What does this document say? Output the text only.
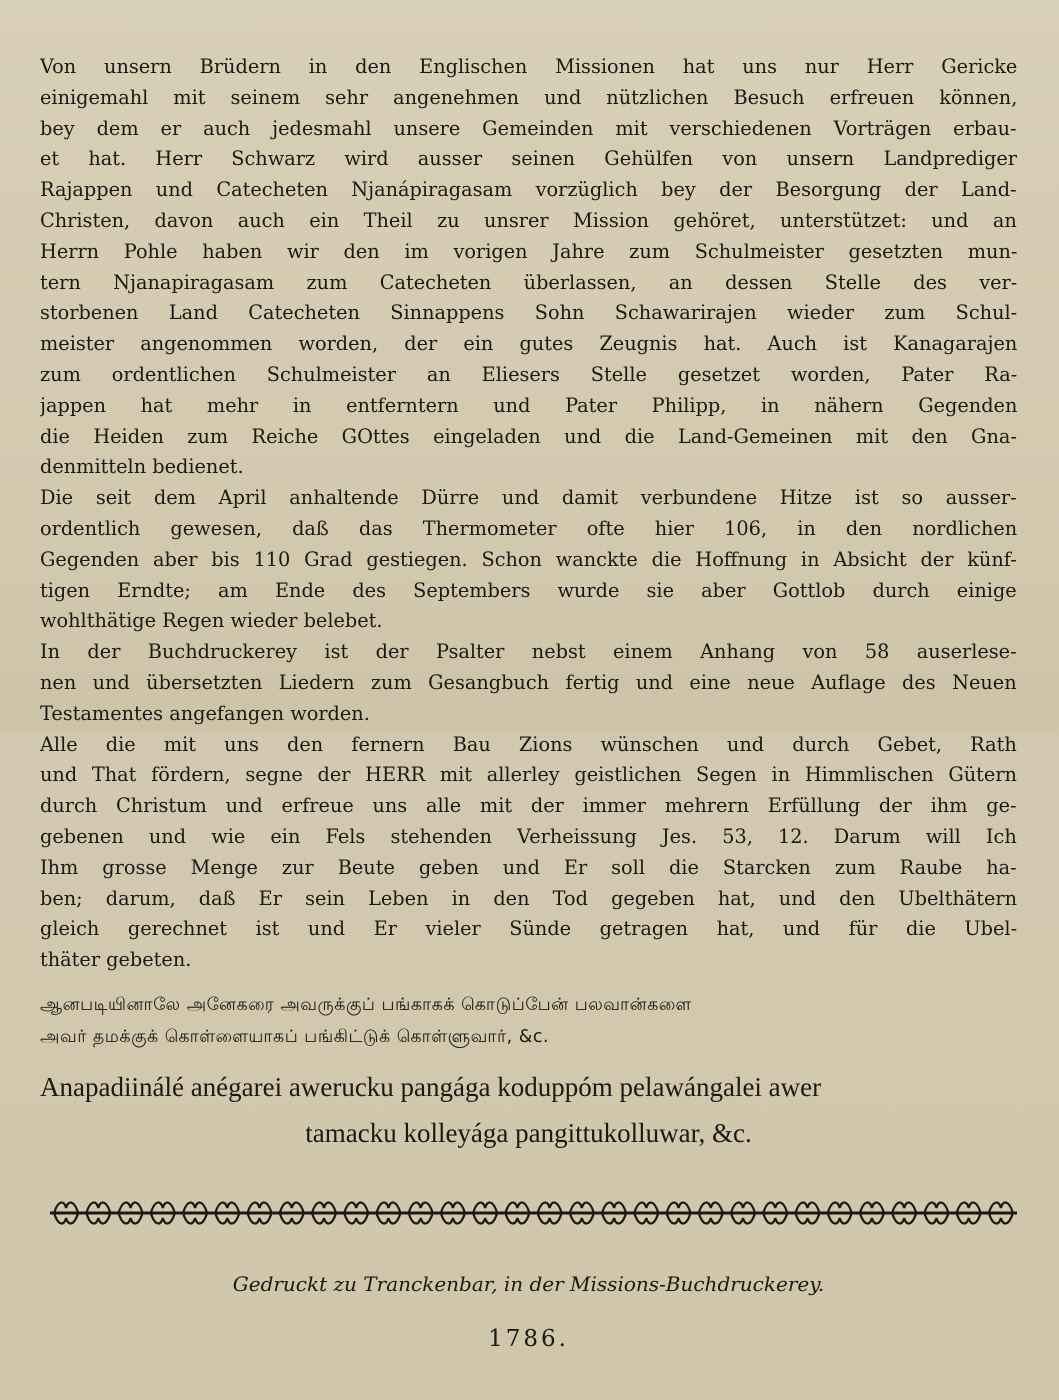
Von unsern Brüdern in den Englischen Missionen hat uns nur Herr Gericke
einigemahl mit seinem sehr angenehmen und nützlichen Besuch erfreuen können,
bey dem er auch jedesmahl unsere Gemeinden mit verschiedenen Vorträgen erbau-
et hat. Herr Schwarz wird ausser seinen Gehülfen von unsern Landprediger
Rajappen und Catecheten Njanápiragasam vorzüglich bey der Besorgung der Land-
Christen, davon auch ein Theil zu unsrer Mission gehöret, unterstützet: und an
Herrn Pohle haben wir den im vorigen Jahre zum Schulmeister gesetzten mun-
tern Njanapiragasam zum Catecheten überlassen, an dessen Stelle des ver-
storbenen Land Catecheten Sinnappens Sohn Schawarirajen wieder zum Schul-
meister angenommen worden, der ein gutes Zeugnis hat. Auch ist Kanagarajen
zum ordentlichen Schulmeister an Eliesers Stelle gesetzet worden, Pater Ra-
jappen hat mehr in entferntern und Pater Philipp, in nähern Gegenden
die Heiden zum Reiche GOttes eingeladen und die Land-Gemeinen mit den Gna-
denmitteln bedienet.

Die seit dem April anhaltende Dürre und damit verbundene Hitze ist so ausser-
ordentlich gewesen, daß das Thermometer ofte hier 106, in den nordlichen
Gegenden aber bis 110 Grad gestiegen. Schon wanckte die Hoffnung in Absicht der künf-
tigen Erndte; am Ende des Septembers wurde sie aber Gottlob durch einige
wohlthätige Regen wieder belebet.

In der Buchdruckerey ist der Psalter nebst einem Anhang von 58 auserlese-
nen und übersetzten Liedern zum Gesangbuch fertig und eine neue Auflage des Neuen
Testamentes angefangen worden.

Alle die mit uns den fernern Bau Zions wünschen und durch Gebet, Rath
und That fördern, segne der HERR mit allerley geistlichen Segen in Himmlischen Gütern
durch Christum und erfreue uns alle mit der immer mehrern Erfüllung der ihm ge-
gebenen und wie ein Fels stehenden Verheissung Jes. 53, 12. Darum will Ich
Ihm grosse Menge zur Beute geben und Er soll die Starcken zum Raube ha-
ben; darum, daß Er sein Leben in den Tod gegeben hat, und den Ubelthätern
gleich gerechnet ist und Er vieler Sünde getragen hat, und für die Ubel-
thäter gebeten.

ஆனபடியினாலே அனேகரை அவருக்குப் பங்காகக் கொடுப்பேன் பலவான்களை
அவர் தமக்குக் கொள்ளையாகப் பங்கிட்டுக் கொள்ளுவார், &c.
Anapadiinálé anégarei awerucku pangága koduppóm pelawángalei awer
tamacku kolleyága pangittukolluwar, &c.
Gedruckt zu Tranckenbar, in der Missions-Buchdruckerey.
1786.
